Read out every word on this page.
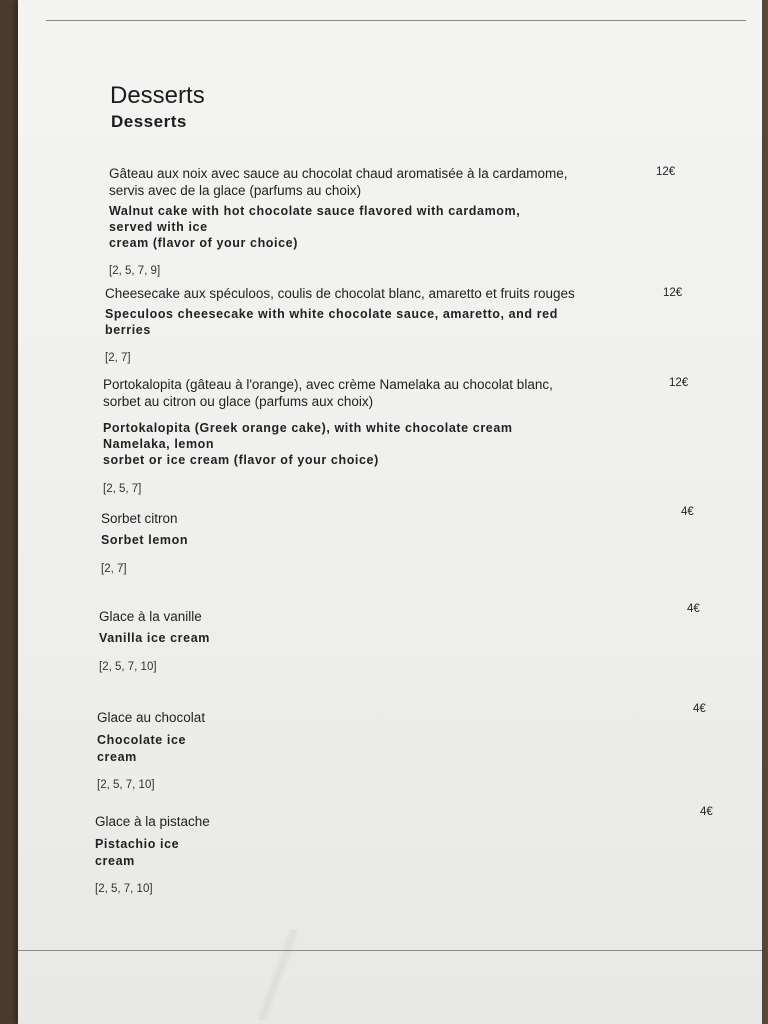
Desserts
Desserts
Gâteau aux noix avec sauce au chocolat chaud aromatisée à la cardamome,
servis avec de la glace (parfums au choix)
Walnut cake with hot chocolate sauce flavored with cardamom,
served with ice
cream (flavor of your choice)
[2, 5, 7, 9]
12€
Cheesecake aux spéculoos, coulis de chocolat blanc, amaretto et fruits rouges
Speculoos cheesecake with white chocolate sauce, amaretto, and red
berries
[2, 7]
12€
Portokalopita (gâteau à l'orange), avec crème Namelaka au chocolat blanc,
sorbet au citron ou glace (parfums aux choix)
Portokalopita (Greek orange cake), with white chocolate cream
Namelaka, lemon
sorbet or ice cream (flavor of your choice)
[2, 5, 7]
12€
Sorbet citron
Sorbet lemon
[2, 7]
4€
Glace à la vanille
Vanilla ice cream
[2, 5, 7, 10]
4€
Glace au chocolat
Chocolate ice
cream
[2, 5, 7, 10]
4€
Glace à la pistache
Pistachio ice
cream
[2, 5, 7, 10]
4€
